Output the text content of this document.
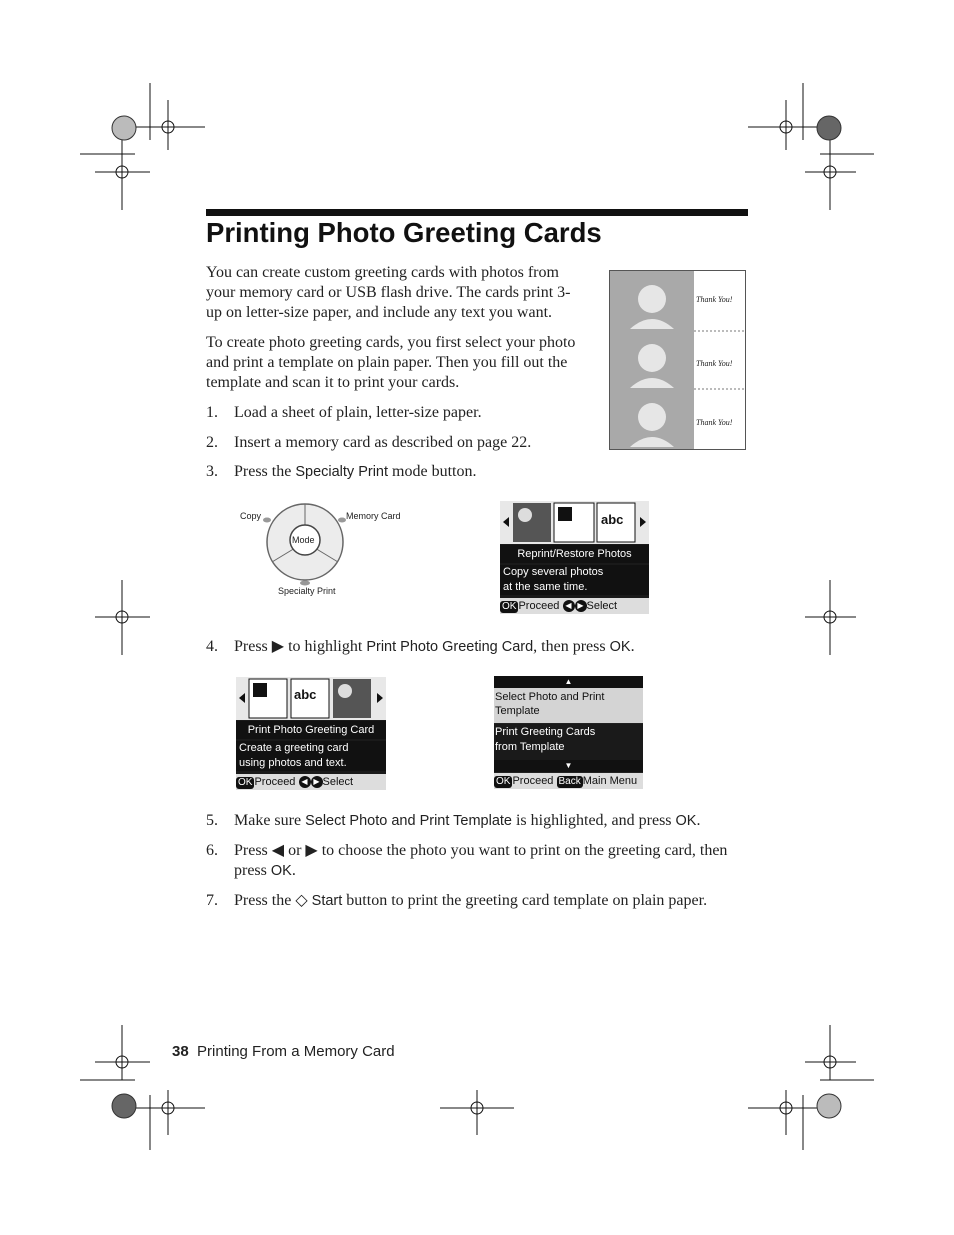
Printing Photo Greeting Cards

You can create custom greeting cards with photos from your memory card or USB flash drive. The cards print 3-up on letter-size paper, and include any text you want.

To create photo greeting cards, you first select your photo and print a template on plain paper. Then you fill out the template and scan it to print your cards.

Thank You!
Thank You!
Thank You!
1.	Load a sheet of plain, letter-size paper.
2.	Insert a memory card as described on page 22.
3.	Press the Specialty Print mode button.
Copy	Memory Card
Mode
Specialty Print
abc
Reprint/Restore Photos
Copy several photos
at the same time.
OK Proceed ◀ ▶ Select
4.	Press ▶ to highlight Print Photo Greeting Card, then press OK.
abc
Print Photo Greeting Card
Create a greeting card
using photos and text.
OK Proceed ◀ ▶ Select
▲
Select Photo and Print
Template
Print Greeting Cards
from Template
▼
OK Proceed Back Main Menu
5.	Make sure Select Photo and Print Template is highlighted, and press OK.
6.	Press ◀ or ▶ to choose the photo you want to print on the greeting card, then
press OK.
7.	Press the ◇ Start button to print the greeting card template on plain paper.
38 Printing From a Memory Card
